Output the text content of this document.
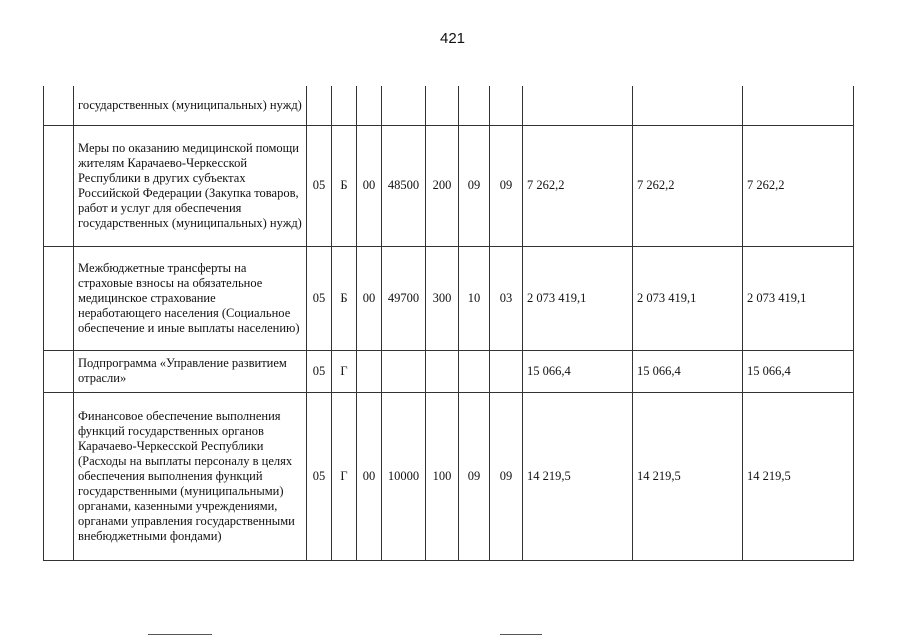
421
	государственных (муниципальных) нужд)										
	Меры по оказанию медицинской помощи жителям Карачаево-Черкесской Республики в других субъектах Российской Федерации (Закупка товаров, работ и услуг для обеспечения государственных (муниципальных) нужд)	05	Б	00	48500	200	09	09	7 262,2	7 262,2	7 262,2
	Межбюджетные трансферты на страховые взносы на обязательное медицинское страхование неработающего населения (Социальное обеспечение и иные выплаты населению)	05	Б	00	49700	300	10	03	2 073 419,1	2 073 419,1	2 073 419,1
	Подпрограмма «Управление развитием отрасли»	05	Г						15 066,4	15 066,4	15 066,4
	Финансовое обеспечение выполнения функций государственных органов Карачаево-Черкесской Республики (Расходы на выплаты персоналу в целях обеспечения выполнения функций государственными (муниципальными) органами, казенными учреждениями, органами управления государственными внебюджетными фондами)	05	Г	00	10000	100	09	09	14 219,5	14 219,5	14 219,5
